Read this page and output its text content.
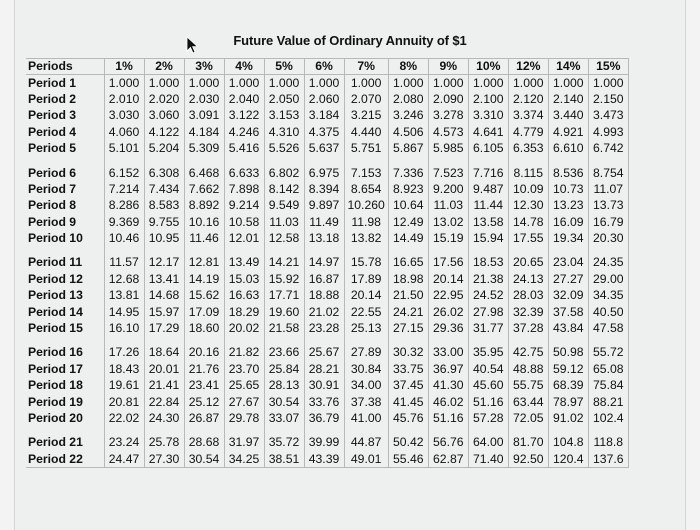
Future Value of Ordinary Annuity of $1
Periods	1%	2%	3%	4%	5%	6%	7%	8%	9%	10%	12%	14%	15%
Period 1	1.000	1.000	1.000	1.000	1.000	1.000	1.000	1.000	1.000	1.000	1.000	1.000	1.000
Period 2	2.010	2.020	2.030	2.040	2.050	2.060	2.070	2.080	2.090	2.100	2.120	2.140	2.150
Period 3	3.030	3.060	3.091	3.122	3.153	3.184	3.215	3.246	3.278	3.310	3.374	3.440	3.473
Period 4	4.060	4.122	4.184	4.246	4.310	4.375	4.440	4.506	4.573	4.641	4.779	4.921	4.993
Period 5	5.101	5.204	5.309	5.416	5.526	5.637	5.751	5.867	5.985	6.105	6.353	6.610	6.742

Period 6	6.152	6.308	6.468	6.633	6.802	6.975	7.153	7.336	7.523	7.716	8.115	8.536	8.754
Period 7	7.214	7.434	7.662	7.898	8.142	8.394	8.654	8.923	9.200	9.487	10.09	10.73	11.07
Period 8	8.286	8.583	8.892	9.214	9.549	9.897	10.260	10.64	11.03	11.44	12.30	13.23	13.73
Period 9	9.369	9.755	10.16	10.58	11.03	11.49	11.98	12.49	13.02	13.58	14.78	16.09	16.79
Period 10	10.46	10.95	11.46	12.01	12.58	13.18	13.82	14.49	15.19	15.94	17.55	19.34	20.30

Period 11	11.57	12.17	12.81	13.49	14.21	14.97	15.78	16.65	17.56	18.53	20.65	23.04	24.35
Period 12	12.68	13.41	14.19	15.03	15.92	16.87	17.89	18.98	20.14	21.38	24.13	27.27	29.00
Period 13	13.81	14.68	15.62	16.63	17.71	18.88	20.14	21.50	22.95	24.52	28.03	32.09	34.35
Period 14	14.95	15.97	17.09	18.29	19.60	21.02	22.55	24.21	26.02	27.98	32.39	37.58	40.50
Period 15	16.10	17.29	18.60	20.02	21.58	23.28	25.13	27.15	29.36	31.77	37.28	43.84	47.58

Period 16	17.26	18.64	20.16	21.82	23.66	25.67	27.89	30.32	33.00	35.95	42.75	50.98	55.72
Period 17	18.43	20.01	21.76	23.70	25.84	28.21	30.84	33.75	36.97	40.54	48.88	59.12	65.08
Period 18	19.61	21.41	23.41	25.65	28.13	30.91	34.00	37.45	41.30	45.60	55.75	68.39	75.84
Period 19	20.81	22.84	25.12	27.67	30.54	33.76	37.38	41.45	46.02	51.16	63.44	78.97	88.21
Period 20	22.02	24.30	26.87	29.78	33.07	36.79	41.00	45.76	51.16	57.28	72.05	91.02	102.4

Period 21	23.24	25.78	28.68	31.97	35.72	39.99	44.87	50.42	56.76	64.00	81.70	104.8	118.8
Period 22	24.47	27.30	30.54	34.25	38.51	43.39	49.01	55.46	62.87	71.40	92.50	120.4	137.6
